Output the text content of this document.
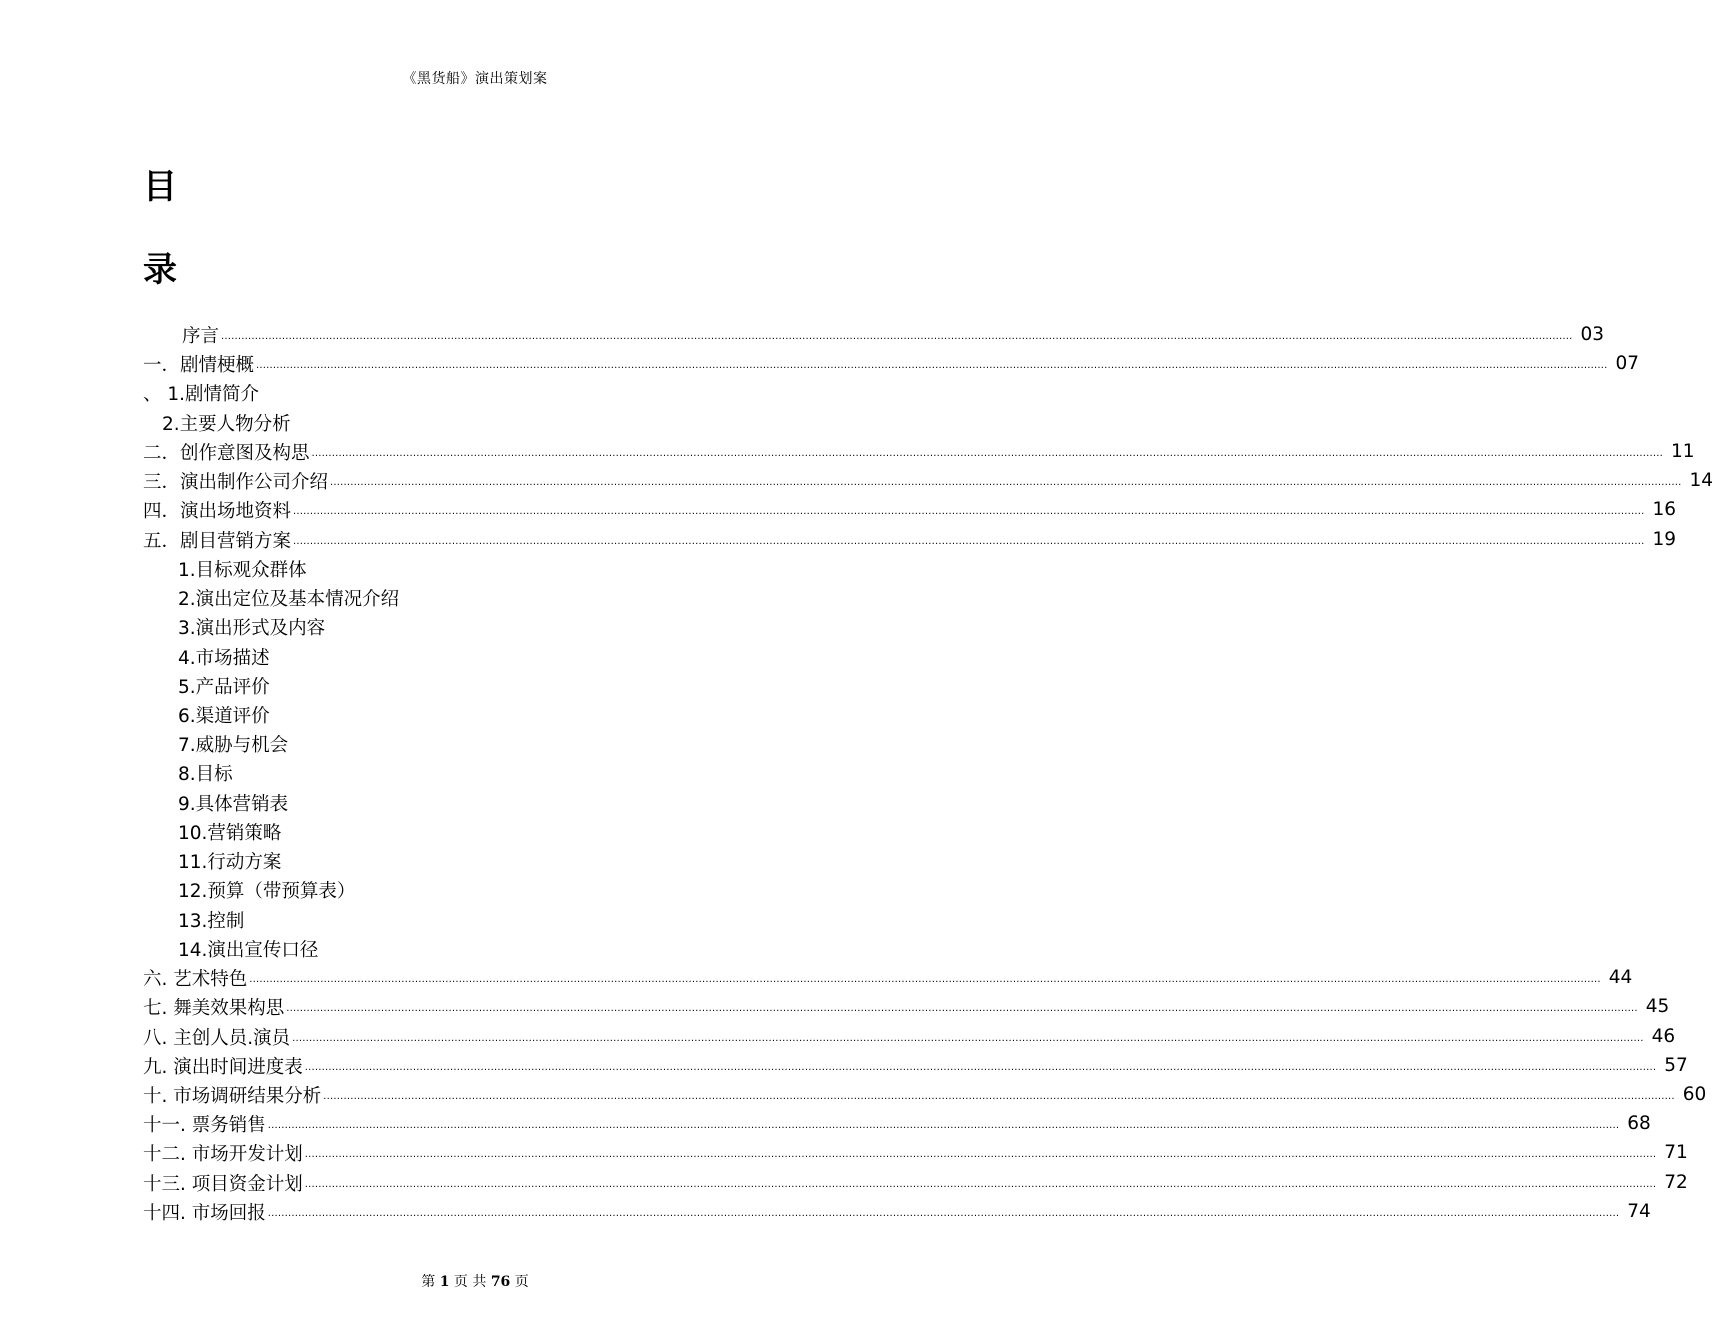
《黑货船》演出策划案
目
录
序言 ................................................................................................................................................................................................................................................................................................................................................................................................................ 03
一．剧情梗概 ................................................................................................................................................................................................................................................................................................................................................................................................................ 07
、 1.剧情简介
2.主要人物分析
二．创作意图及构思 ................................................................................................................................................................................................................................................................................................................................................................................................................ 11
三．演出制作公司介绍 ................................................................................................................................................................................................................................................................................................................................................................................................................ 14
四．演出场地资料 ................................................................................................................................................................................................................................................................................................................................................................................................................ 16
五．剧目营销方案 ................................................................................................................................................................................................................................................................................................................................................................................................................ 19
1.目标观众群体
2.演出定位及基本情况介绍
3.演出形式及内容
4.市场描述
5.产品评价
6.渠道评价
7.威胁与机会
8.目标
9.具体营销表
10.营销策略
11.行动方案
12.预算（带预算表）
13.控制
14.演出宣传口径
六. 艺术特色 ................................................................................................................................................................................................................................................................................................................................................................................................................ 44
七. 舞美效果构思 ................................................................................................................................................................................................................................................................................................................................................................................................................ 45
八. 主创人员.演员 ................................................................................................................................................................................................................................................................................................................................................................................................................ 46
九. 演出时间进度表 ................................................................................................................................................................................................................................................................................................................................................................................................................ 57
十. 市场调研结果分析 ................................................................................................................................................................................................................................................................................................................................................................................................................ 60
十一. 票务销售 ................................................................................................................................................................................................................................................................................................................................................................................................................ 68
十二. 市场开发计划 ................................................................................................................................................................................................................................................................................................................................................................................................................ 71
十三. 项目资金计划 ................................................................................................................................................................................................................................................................................................................................................................................................................ 72
十四. 市场回报 ................................................................................................................................................................................................................................................................................................................................................................................................................ 74
第 1 页 共 76 页
